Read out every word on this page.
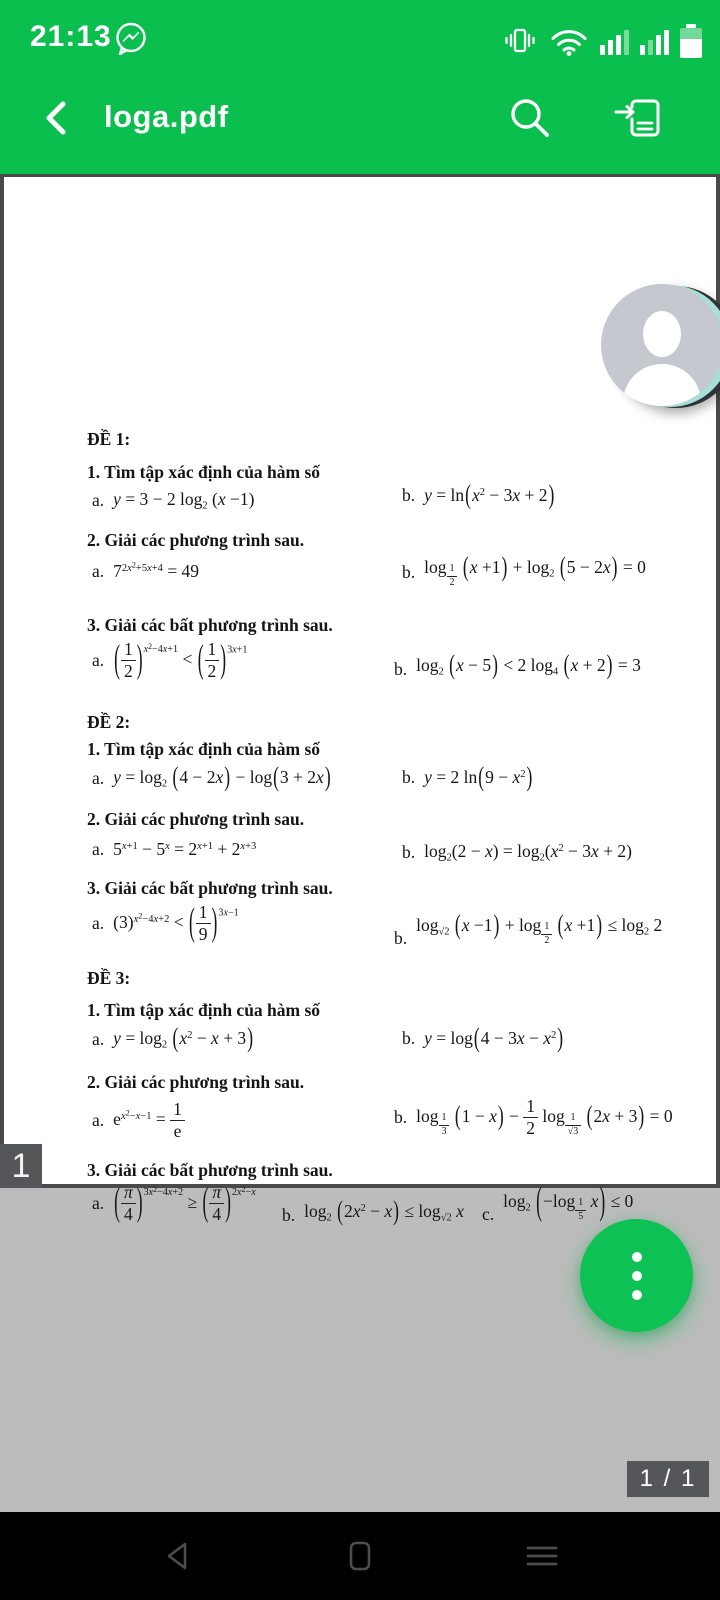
21:13
loga.pdf
ĐỀ 1:
1. Tìm tập xác định của hàm số
a. y = 3 − 2 $\log_2 (x -1)$	b. $y = \ln(x^2 - 3x + 2)$
2. Giải các phương trình sau.
a. $7^{2x^2+5x+4} = 49$	b. log $_{\frac{1}{2}}$ $(x +1) + \log_2 (5 - 2x) = 0$
3. Giải các bất phương trình sau.
a. ( $\frac{1}{2} )^{x^2-4x+1}$ < ( $\frac{1}{2} )^{3x+1}$
b. $\log_2 (x - 5) < 2$ $\log_4 (x + 2) = 3$
ĐỀ 2:
1. Tìm tập xác định của hàm số
a. $y = \log_2 (4 - 2x) - \log(3 + 2x)$	b. y = 2 $\ln(9 - x^2)$
2. Giải các phương trình sau.
a. $5^{x+1} - 5^x = 2^{x+1} + 2^{x+3}$	b. $\log_2(2 - x) = \log_2(x^2 - 3x + 2)$
3. Giải các bất phương trình sau.
a. $(3)^{x^2-4x+2}$ < ( $\frac{1}{9} )^{3x-1}$
b.
$\log_{√2} (x -1) + \log _{\frac{1}{2}}$ $(x +1) \le \log_2 2$
ĐỀ 3:
1. Tìm tập xác định của hàm số
a. $y = \log_2 (x^2 - x + 3)$	b. $y = \log(4 - 3x - x^2)$
2. Giải các phương trình sau.
a. $e^{x^2-x-1} = \frac{1}{e}$	b. log $_{\frac{1}{3}}$ $(1 - x) - \frac{1}{2}$ log $_{\frac{1}{√3}}$ (2x + 3) = 0
3. Giải các bất phương trình sau.
a. ( $\frac{\pi}{4} )^{3x^2-4x+2}$ ≥ ( $\frac{\pi}{4} )^{2x^2-x}$
b. $\log_2 (2x^2 - x) \le \log_{√2} x$ c.
$\log_2 (-\log$ $_{\frac{1}{5}}$ x) ≤ 0
1
1 / 1
